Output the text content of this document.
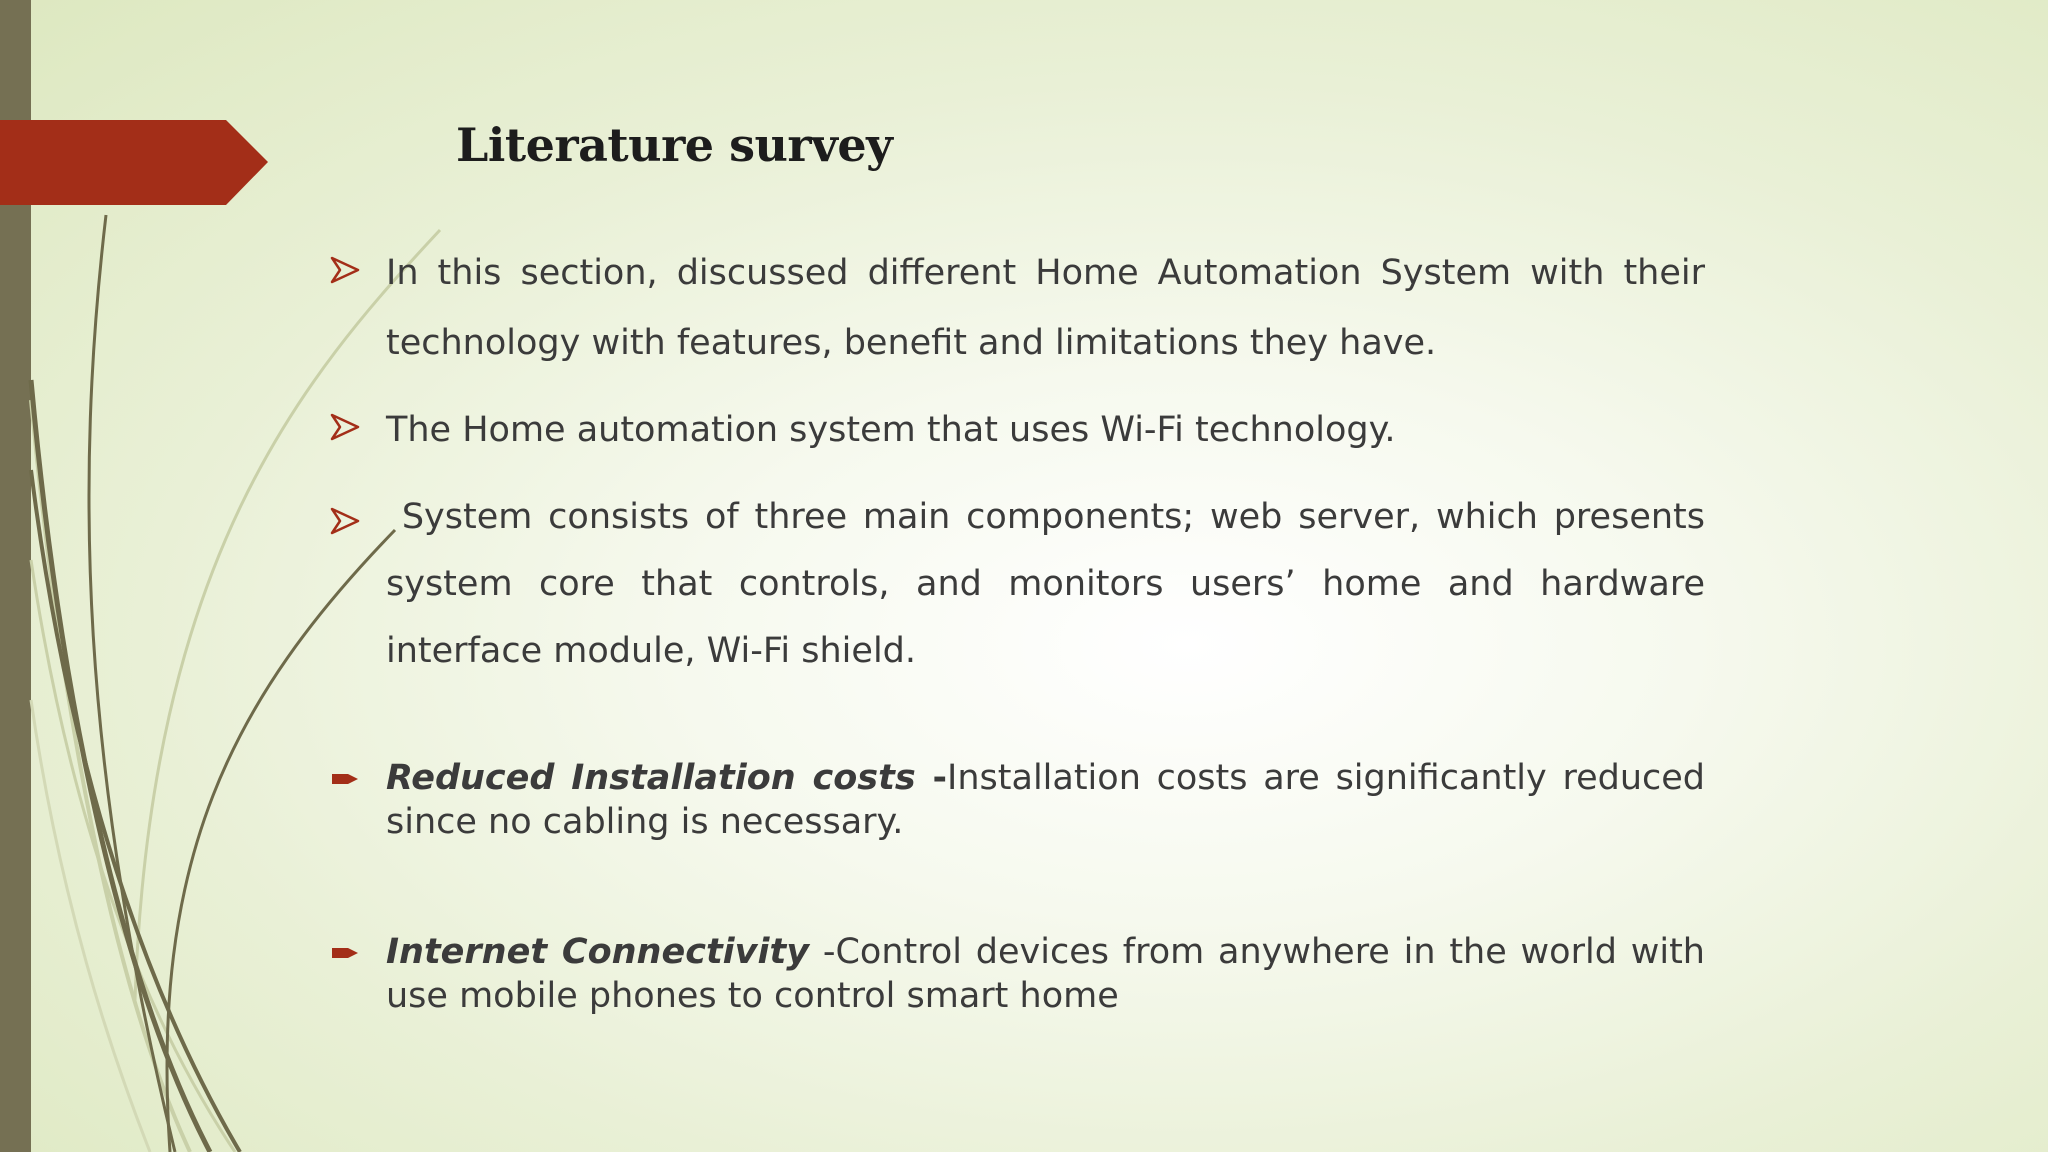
Literature survey

In this section, discussed different Home Automation System with their technology with features, benefit and limitations they have.

The Home automation system that uses Wi-Fi technology.

System consists of three main components; web server, which presents system core that controls, and monitors users’ home and hardware interface module, Wi-Fi shield.

Reduced Installation costs -Installation costs are significantly reduced since no cabling is necessary.

Internet Connectivity -Control devices from anywhere in the world with use mobile phones to control smart home
